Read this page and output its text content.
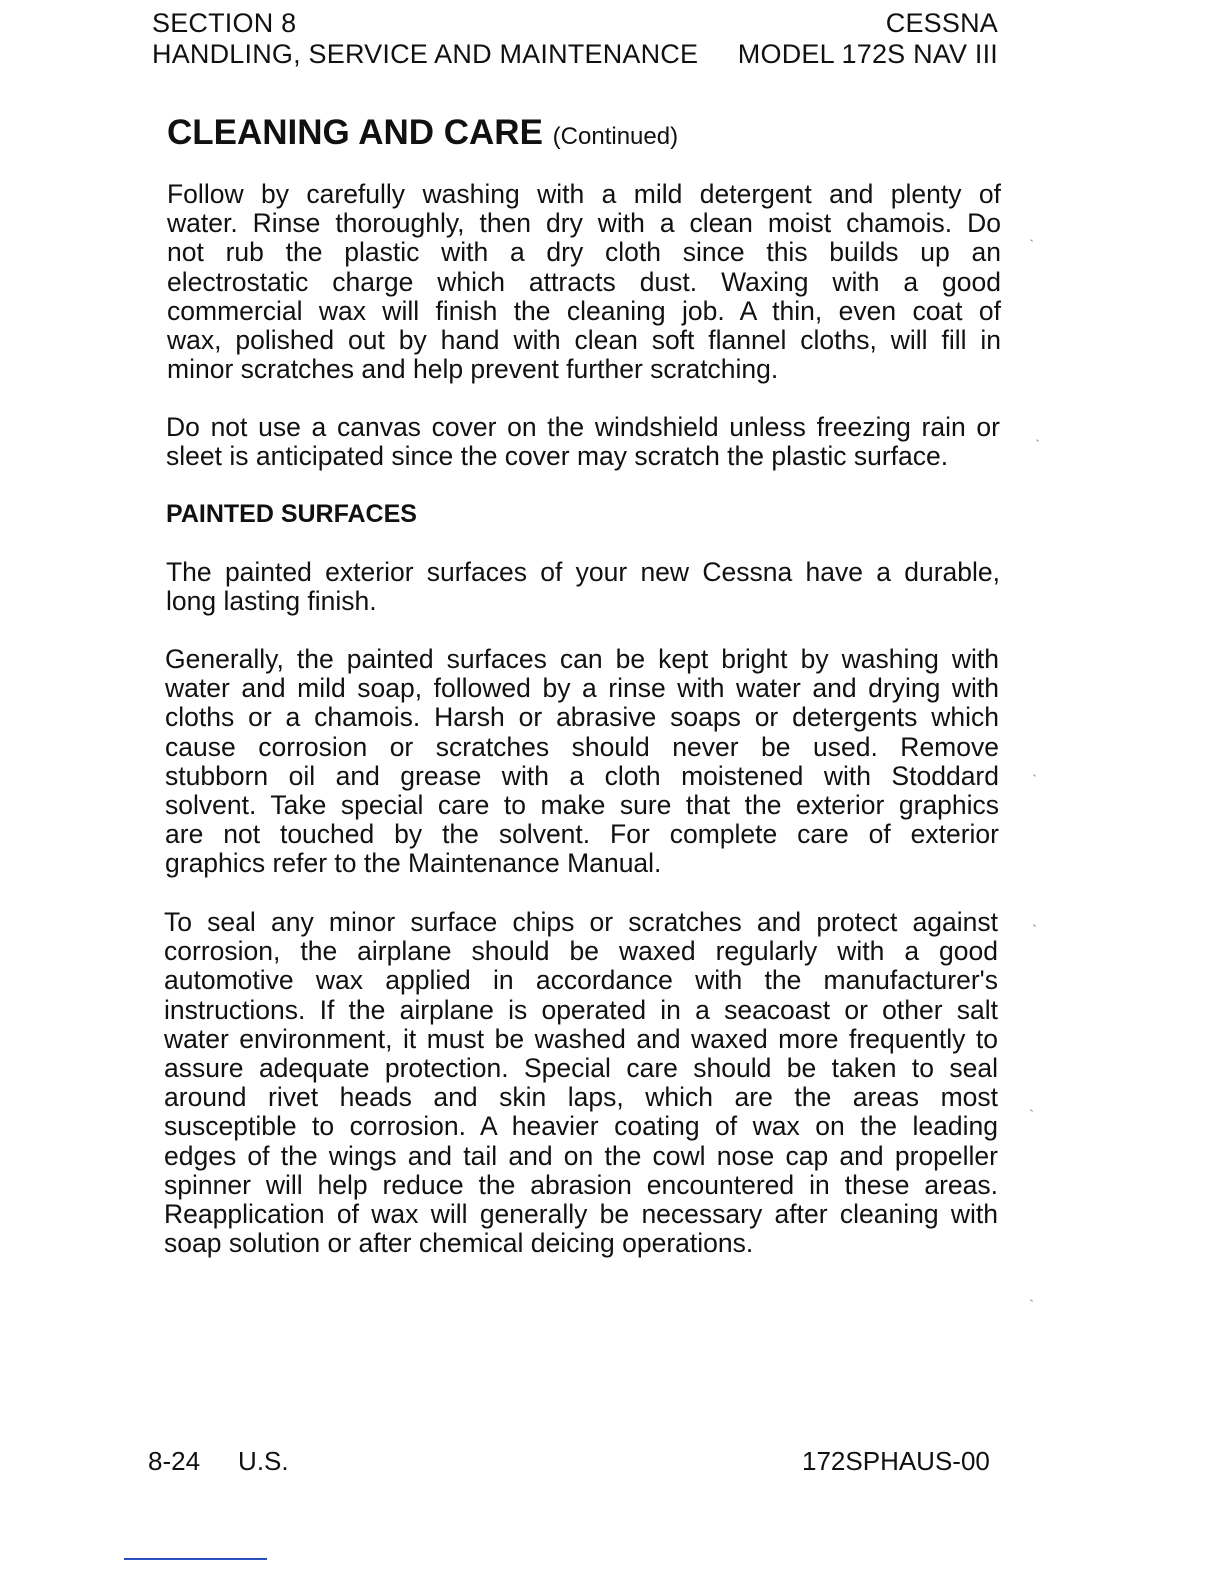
SECTION 8
HANDLING, SERVICE AND MAINTENANCE
CESSNA
MODEL 172S NAV III
CLEANING AND CARE (Continued)
Follow by carefully washing with a mild detergent and plenty of
water. Rinse thoroughly, then dry with a clean moist chamois. Do
not rub the plastic with a dry cloth since this builds up an
electrostatic charge which attracts dust. Waxing with a good
commercial wax will finish the cleaning job. A thin, even coat of
wax, polished out by hand with clean soft flannel cloths, will fill in
minor scratches and help prevent further scratching.
Do not use a canvas cover on the windshield unless freezing rain or
sleet is anticipated since the cover may scratch the plastic surface.
PAINTED SURFACES
The painted exterior surfaces of your new Cessna have a durable,
long lasting finish.
Generally, the painted surfaces can be kept bright by washing with
water and mild soap, followed by a rinse with water and drying with
cloths or a chamois. Harsh or abrasive soaps or detergents which
cause corrosion or scratches should never be used. Remove
stubborn oil and grease with a cloth moistened with Stoddard
solvent. Take special care to make sure that the exterior graphics
are not touched by the solvent. For complete care of exterior
graphics refer to the Maintenance Manual.
To seal any minor surface chips or scratches and protect against
corrosion, the airplane should be waxed regularly with a good
automotive wax applied in accordance with the manufacturer's
instructions. If the airplane is operated in a seacoast or other salt
water environment, it must be washed and waxed more frequently to
assure adequate protection. Special care should be taken to seal
around rivet heads and skin laps, which are the areas most
susceptible to corrosion. A heavier coating of wax on the leading
edges of the wings and tail and on the cowl nose cap and propeller
spinner will help reduce the abrasion encountered in these areas.
Reapplication of wax will generally be necessary after cleaning with
soap solution or after chemical deicing operations.
8-24 U.S.	172SPHAUS-00
